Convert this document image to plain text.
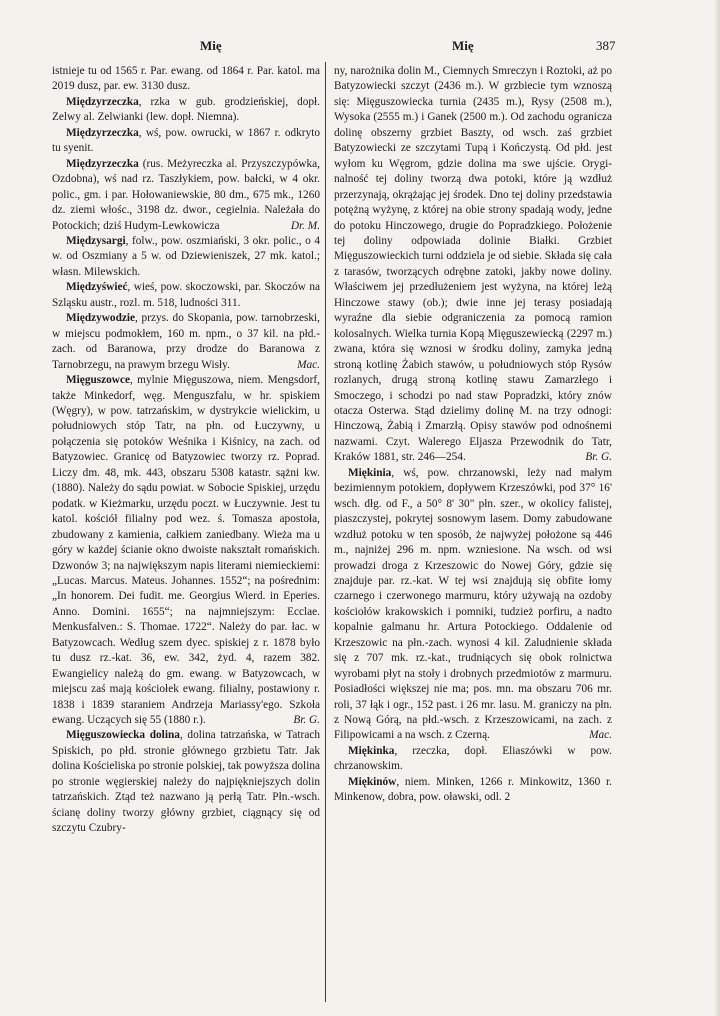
Mię	Mię	387

istnieje tu od 1565 r. Par. ewang. od 1864 r. Par. katol. ma 2019 dusz, par. ew. 3130 dusz.

Międzyrzeczka, rzka w gub. grodzieńskiej, dopł. Zelwy al. Zelwianki (lew. dopł. Niemna).

Międzyrzeczka, wś, pow. owrucki, w 1867 r. odkryto tu syenit.

Międzyrzeczka (rus. Meżyreczka al. Przyszczypówka, Ozdobna), wś nad rz. Taszłykiem, pow. bałcki, w 4 okr. polic., gm. i par. Hołowaniewskie, 80 dm., 675 mk., 1260 dz. ziemi włośc., 3198 dz. dwor., cegielnia. Należała do Potockich; dziś Hudym-Lewkowicza	Dr. M.

Międzysargi, folw., pow. oszmiański, 3 okr. polic., o 4 w. od Oszmiany a 5 w. od Dziewieniszek, 27 mk. katol.; własn. Milewskich.

Międzyświeć, wieś, pow. skoczowski, par. Skoczów na Szląsku austr., rozl. m. 518, ludności 311.

Międzywodzie, przys. do Skopania, pow. tarnobrzeski, w miejscu podmokłem, 160 m. npm., o 37 kil. na płd.-zach. od Baranowa, przy drodze do Baranowa z Tarnobrzegu, na prawym brzegu Wisły.	Mac.

Mięguszowce, mylnie Mięguszowa, niem. Mengsdorf, także Minkedorf, węg. Menguszfalu, w hr. spiskiem (Węgry), w pow. tatrzańskim, w dystrykcie wielickim, u południowych stóp Tatr, na płn. od Łuczywny, u połączenia się potoków Weśnika i Kiśnicy, na zach. od Batyzowiec. Granicę od Batyzowiec tworzy rz. Poprad. Liczy dm. 48, mk. 443, obszaru 5308 katastr. sążni kw. (1880). Należy do sądu powiat. w Sobocie Spiskiej, urzędu podatk. w Kieżmarku, urzędu poczt. w Łuczywnie. Jest tu katol. kościół filialny pod wez. ś. Tomasza apostoła, zbudowany z kamienia, całkiem zaniedbany. Wieża ma u góry w każdej ścianie okno dwoiste nakształt romańskich. Dzwonów 3; na największym napis literami niemieckiemi: „Lucas. Marcus. Mateus. Johannes. 1552“; na pośrednim: „In honorem. Dei fudit. me. Georgius Wierd. in Eperies. Anno. Domini. 1655“; na najmniejszym: Ecclae. Menkusfalven.: S. Thomae. 1722“. Należy do par. łac. w Batyzowcach. Według szem dyec. spiskiej z r. 1878 było tu dusz rz.-kat. 36, ew. 342, żyd. 4, razem 382. Ewangielicy należą do gm. ewang. w Batyzowcach, w miejscu zaś mają kościołek ewang. filialny, postawiony r. 1838 i 1839 staraniem Andrzeja Mariassy'ego. Szkoła ewang. Uczących się 55 (1880 r.).	Br. G.

Mięguszowiecka dolina, dolina tatrzańska, w Tatrach Spiskich, po płd. stronie głównego grzbietu Tatr. Jak dolina Kościeliska po stronie polskiej, tak powyższa dolina po stronie węgierskiej należy do najpiękniejszych dolin tatrzańskich. Ztąd też nazwano ją perłą Tatr. Płn.-wsch. ścianę doliny tworzy główny grzbiet, ciągnący się od szczytu Czubry-

ny, narożnika dolin M., Ciemnych Smreczyn i Roztoki, aż po Batyzowiecki szczyt (2436 m.). W grzbiecie tym wznoszą się: Mięguszowiecka turnia (2435 m.), Rysy (2508 m.), Wysoka (2555 m.) i Ganek (2500 m.). Od zachodu ogranicza dolinę obszerny grzbiet Baszty, od wsch. zaś grzbiet Batyzowiecki ze szczytami Tupą i Kończystą. Od płd. jest wyłom ku Węgrom, gdzie dolina ma swe ujście. Orygi-nalność tej doliny tworzą dwa potoki, które ją wzdłuż przerzynają, okrążając jej środek. Dno tej doliny przedstawia potężną wyżynę, z której na obie strony spadają wody, jedne do potoku Hinczowego, drugie do Popradzkiego. Położenie tej doliny odpowiada dolinie Białki. Grzbiet Mięguszowieckich turni oddziela je od siebie. Składa się cała z tarasów, tworzących odrębne zatoki, jakby nowe doliny. Właściwem jej przedłużeniem jest wyżyna, na której leżą Hinczowe stawy (ob.); dwie inne jej terasy posiadają wyraźne dla siebie odgraniczenia za pomocą ramion kolosalnych. Wielka turnia Kopą Mięguszewiecką (2297 m.) zwana, która się wznosi w środku doliny, zamyka jedną stroną kotlinę Żabich stawów, u południowych stóp Rysów rozlanych, drugą stroną kotlinę stawu Zamarzłego i Smoczego, i schodzi po nad staw Popradzki, który znów otacza Osterwa. Stąd dzielimy dolinę M. na trzy odnogi: Hinczową, Żabią i Zmarzłą. Opisy stawów pod odnośnemi nazwami. Czyt. Walerego Eljasza Przewodnik do Tatr, Kraków 1881, str. 246—254.	Br. G.

Miękinia, wś, pow. chrzanowski, leży nad małym bezimiennym potokiem, dopływem Krzeszówki, pod 37° 16' wsch. dłg. od F., a 50° 8' 30" płn. szer., w okolicy falistej, piaszczystej, pokrytej sosnowym lasem. Domy zabudowane wzdłuż potoku w ten sposób, że najwyżej położone są 446 m., najniżej 296 m. npm. wzniesione. Na wsch. od wsi prowadzi droga z Krzeszowic do Nowej Góry, gdzie się znajduje par. rz.-kat. W tej wsi znajdują się obfite łomy czarnego i czerwonego marmuru, który używają na ozdoby kościołów krakowskich i pomniki, tudzież porfiru, a nadto kopalnie galmanu hr. Artura Potockiego. Oddalenie od Krzeszowic na płn.-zach. wynosi 4 kil. Zaludnienie składa się z 707 mk. rz.-kat., trudniących się obok rolnictwa wyrobami płyt na stoły i drobnych przedmiotów z marmuru. Posiadłości większej nie ma; pos. mn. ma obszaru 706 mr. roli, 37 łąk i ogr., 152 past. i 26 mr. lasu. M. graniczy na płn. z Nową Górą, na płd.-wsch. z Krzeszowicami, na zach. z Filipowicami a na wsch. z Czerną.	Mac.

Miękinka, rzeczka, dopł. Eliaszówki w pow. chrzanowskim.

Miękinów, niem. Minken, 1266 r. Minkowitz, 1360 r. Minkenow, dobra, pow. oławski, odl. 2
